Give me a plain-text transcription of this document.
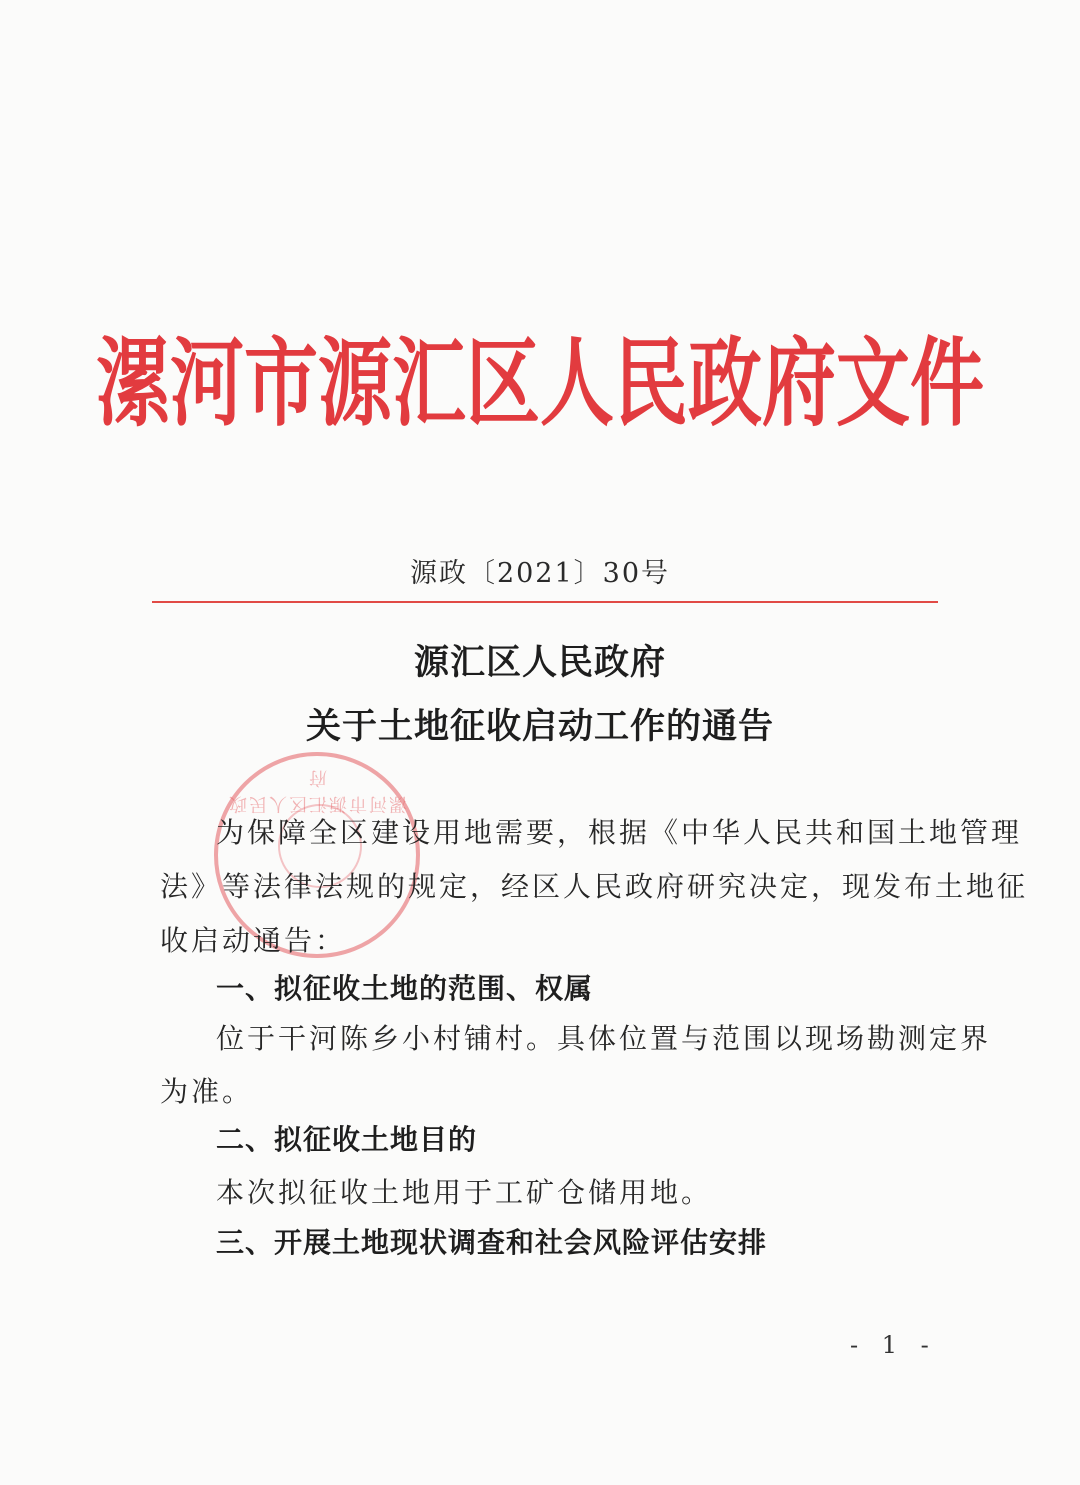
漯河市源汇区人民政府文件
源政〔2021〕30号
源汇区人民政府
关于土地征收启动工作的通告
漯河市源汇区人民政府
为保障全区建设用地需要，根据《中华人民共和国土地管理
法》等法律法规的规定，经区人民政府研究决定，现发布土地征
收启动通告：
一、拟征收土地的范围、权属
位于干河陈乡小村铺村。具体位置与范围以现场勘测定界
为准。
二、拟征收土地目的
本次拟征收土地用于工矿仓储用地。
三、开展土地现状调查和社会风险评估安排
- 1 -
